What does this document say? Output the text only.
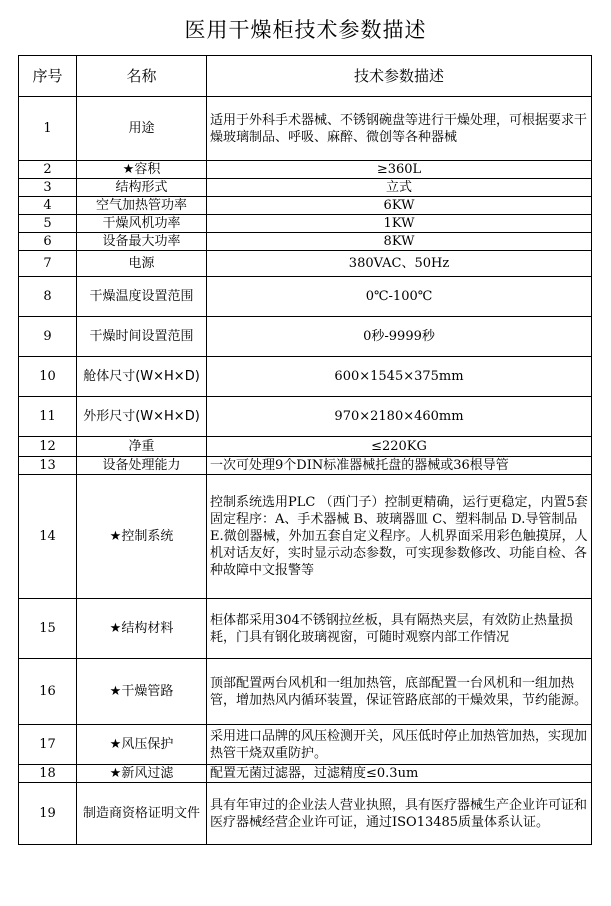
医用干燥柜技术参数描述
序号	名称	技术参数描述
1	用途	适用于外科手术器械、不锈钢碗盘等进行干燥处理，可根据要求干燥玻璃制品、呼吸、麻醉、微创等各种器械
2	★容积	≥360L
3	结构形式	立式
4	空气加热管功率	6KW
5	干燥风机功率	1KW
6	设备最大功率	8KW
7	电源	380VAC、50Hz
8	干燥温度设置范围	0℃-100℃
9	干燥时间设置范围	0秒-9999秒
10	舱体尺寸(W×H×D)	600×1545×375mm
11	外形尺寸(W×H×D)	970×2180×460mm
12	净重	≤220KG
13	设备处理能力	一次可处理9个DIN标准器械托盘的器械或36根导管
14	★控制系统	控制系统选用PLC （西门子）控制更精确，运行更稳定，内置5套固定程序：A、手术器械 B、玻璃器皿 C、塑料制品 D.导管制品 E.微创器械，外加五套自定义程序。人机界面采用彩色触摸屏，人机对话友好，实时显示动态参数，可实现参数修改、功能自检、各种故障中文报警等
15	★结构材料	柜体都采用304不锈钢拉丝板，具有隔热夹层，有效防止热量损耗，门具有钢化玻璃视窗，可随时观察内部工作情况
16	★干燥管路	顶部配置两台风机和一组加热管，底部配置一台风机和一组加热管，增加热风内循环装置，保证管路底部的干燥效果，节约能源。
17	★风压保护	采用进口品牌的风压检测开关，风压低时停止加热管加热，实现加热管干烧双重防护。
18	★新风过滤	配置无菌过滤器，过滤精度≤0.3um
19	制造商资格证明文件	具有年审过的企业法人营业执照，具有医疗器械生产企业许可证和医疗器械经营企业许可证，通过ISO13485质量体系认证。
